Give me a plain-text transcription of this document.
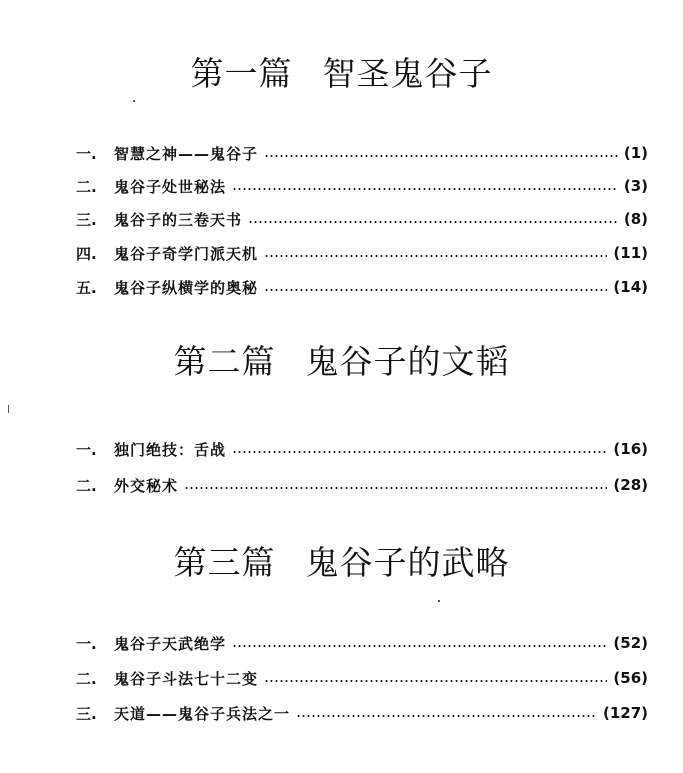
第一篇 智圣鬼谷子
一.	智慧之神——鬼谷子	(1)
二.	鬼谷子处世秘法	(3)
三.	鬼谷子的三卷天书	(8)
四.	鬼谷子奇学门派天机	(11)
五.	鬼谷子纵横学的奥秘	(14)
第二篇 鬼谷子的文韬
一.	独门绝技：舌战	(16)
二.	外交秘术	(28)
第三篇 鬼谷子的武略
一.	鬼谷子天武绝学	(52)
二.	鬼谷子斗法七十二变	(56)
三.	天道——鬼谷子兵法之一	(127)
